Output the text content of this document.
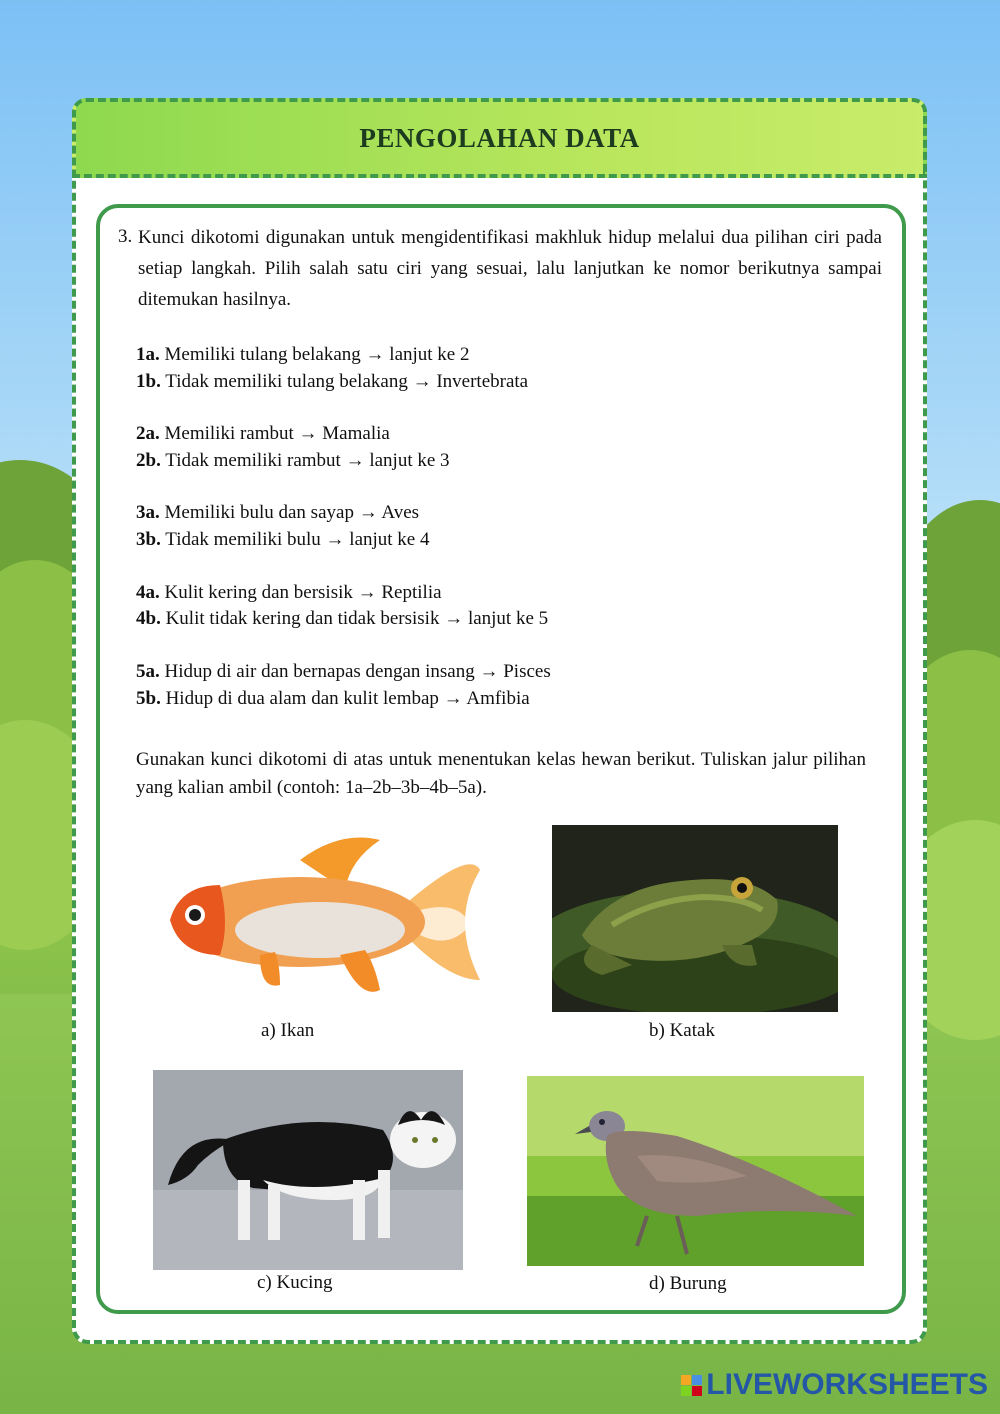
PENGOLAHAN DATA
3. Kunci dikotomi digunakan untuk mengidentifikasi makhluk hidup melalui dua pilihan ciri pada setiap langkah. Pilih salah satu ciri yang sesuai, lalu lanjutkan ke nomor berikutnya sampai ditemukan hasilnya.

1a. Memiliki tulang belakang → lanjut ke 2
1b. Tidak memiliki tulang belakang → Invertebrata
2a. Memiliki rambut → Mamalia
2b. Tidak memiliki rambut → lanjut ke 3
3a. Memiliki bulu dan sayap → Aves
3b. Tidak memiliki bulu → lanjut ke 4
4a. Kulit kering dan bersisik → Reptilia
4b. Kulit tidak kering dan tidak bersisik → lanjut ke 5
5a. Hidup di air dan bernapas dengan insang → Pisces
5b. Hidup di dua alam dan kulit lembap → Amfibia

Gunakan kunci dikotomi di atas untuk menentukan kelas hewan berikut. Tuliskan jalur pilihan yang kalian ambil (contoh: 1a–2b–3b–4b–5a).

a) Ikan	b) Katak
c) Kucing	d) Burung
LIVEWORKSHEETS
